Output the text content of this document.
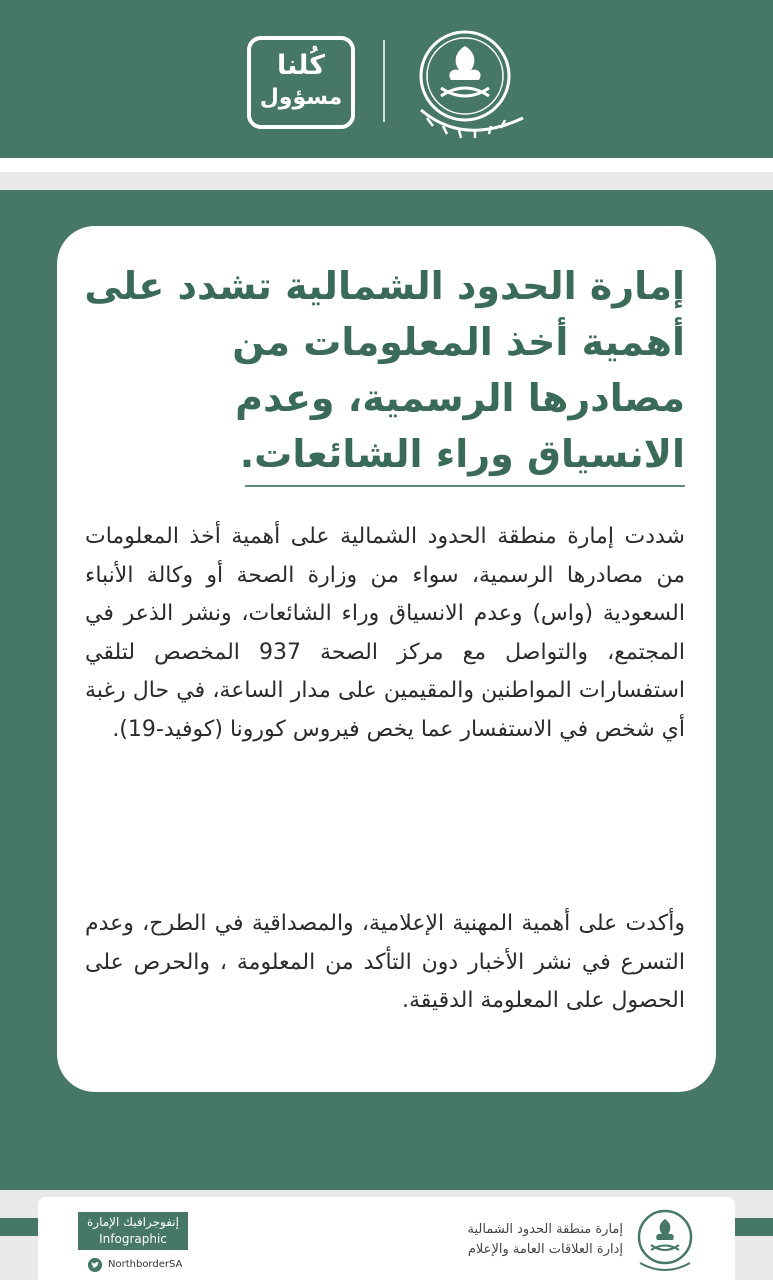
كُلنا
مسؤول
إمارة الحدود الشمالية تشدد على أهمية أخذ المعلومات من مصادرها الرسمية، وعدم الانسياق وراء الشائعات.

شددت إمارة منطقة الحدود الشمالية على أهمية أخذ المعلومات من مصادرها الرسمية، سواء من وزارة الصحة أو وكالة الأنباء السعودية (واس) وعدم الانسياق وراء الشائعات، ونشر الذعر في المجتمع، والتواصل مع مركز الصحة 937 المخصص لتلقي استفسارات المواطنين والمقيمين على مدار الساعة، في حال رغبة أي شخص في الاستفسار عما يخص فيروس كورونا (كوفيد-19).

وأكدت على أهمية المهنية الإعلامية، والمصداقية في الطرح، وعدم التسرع في نشر الأخبار دون التأكد من المعلومة ، والحرص على الحصول على المعلومة الدقيقة.

إلزم مكانك .. #بيتك_أمانك
إنفوجرافيك الإمارة
Infographic emirate
NorthborderSA
إمارة منطقة الحدود الشمالية
إدارة العلاقات العامة والإعلام
